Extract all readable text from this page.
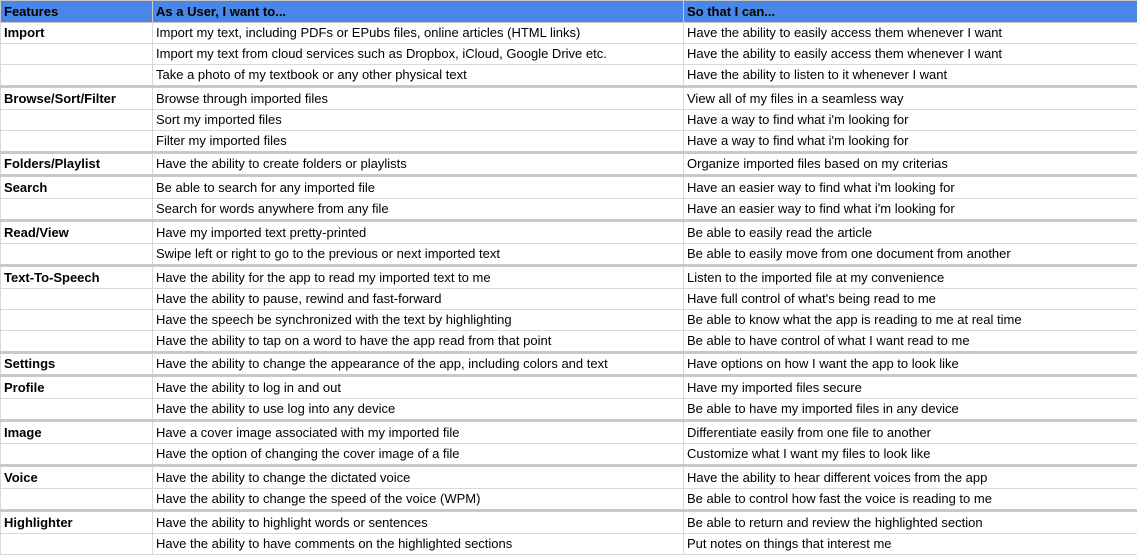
Features	As a User, I want to...	So that I can...
Import	Import my text, including PDFs or EPubs files, online articles (HTML links)	Have the ability to easily access them whenever I want
	Import my text from cloud services such as Dropbox, iCloud, Google Drive etc.	Have the ability to easily access them whenever I want
	Take a photo of my textbook or any other physical text	Have the ability to listen to it whenever I want
Browse/Sort/Filter	Browse through imported files	View all of my files in a seamless way
	Sort my imported files	Have a way to find what i'm looking for
	Filter my imported files	Have a way to find what i'm looking for
Folders/Playlist	Have the ability to create folders or playlists	Organize imported files based on my criterias
Search	Be able to search for any imported file	Have an easier way to find what i'm looking for
	Search for words anywhere from any file	Have an easier way to find what i'm looking for
Read/View	Have my imported text pretty-printed	Be able to easily read the article
	Swipe left or right to go to the previous or next imported text	Be able to easily move from one document from another
Text-To-Speech	Have the ability for the app to read my imported text to me	Listen to the imported file at my convenience
	Have the ability to pause, rewind and fast-forward	Have full control of what's being read to me
	Have the speech be synchronized with the text by highlighting	Be able to know what the app is reading to me at real time
	Have the ability to tap on a word to have the app read from that point	Be able to have control of what I want read to me
Settings	Have the ability to change the appearance of the app, including colors and text	Have options on how I want the app to look like
Profile	Have the ability to log in and out	Have my imported files secure
	Have the ability to use log into any device	Be able to have my imported files in any device
Image	Have a cover image associated with my imported file	Differentiate easily from one file to another
	Have the option of changing the cover image of a file	Customize what I want my files to look like
Voice	Have the ability to change the dictated voice	Have the ability to hear different voices from the app
	Have the ability to change the speed of the voice (WPM)	Be able to control how fast the voice is reading to me
Highlighter	Have the ability to highlight words or sentences	Be able to return and review the highlighted section
	Have the ability to have comments on the highlighted sections	Put notes on things that interest me
